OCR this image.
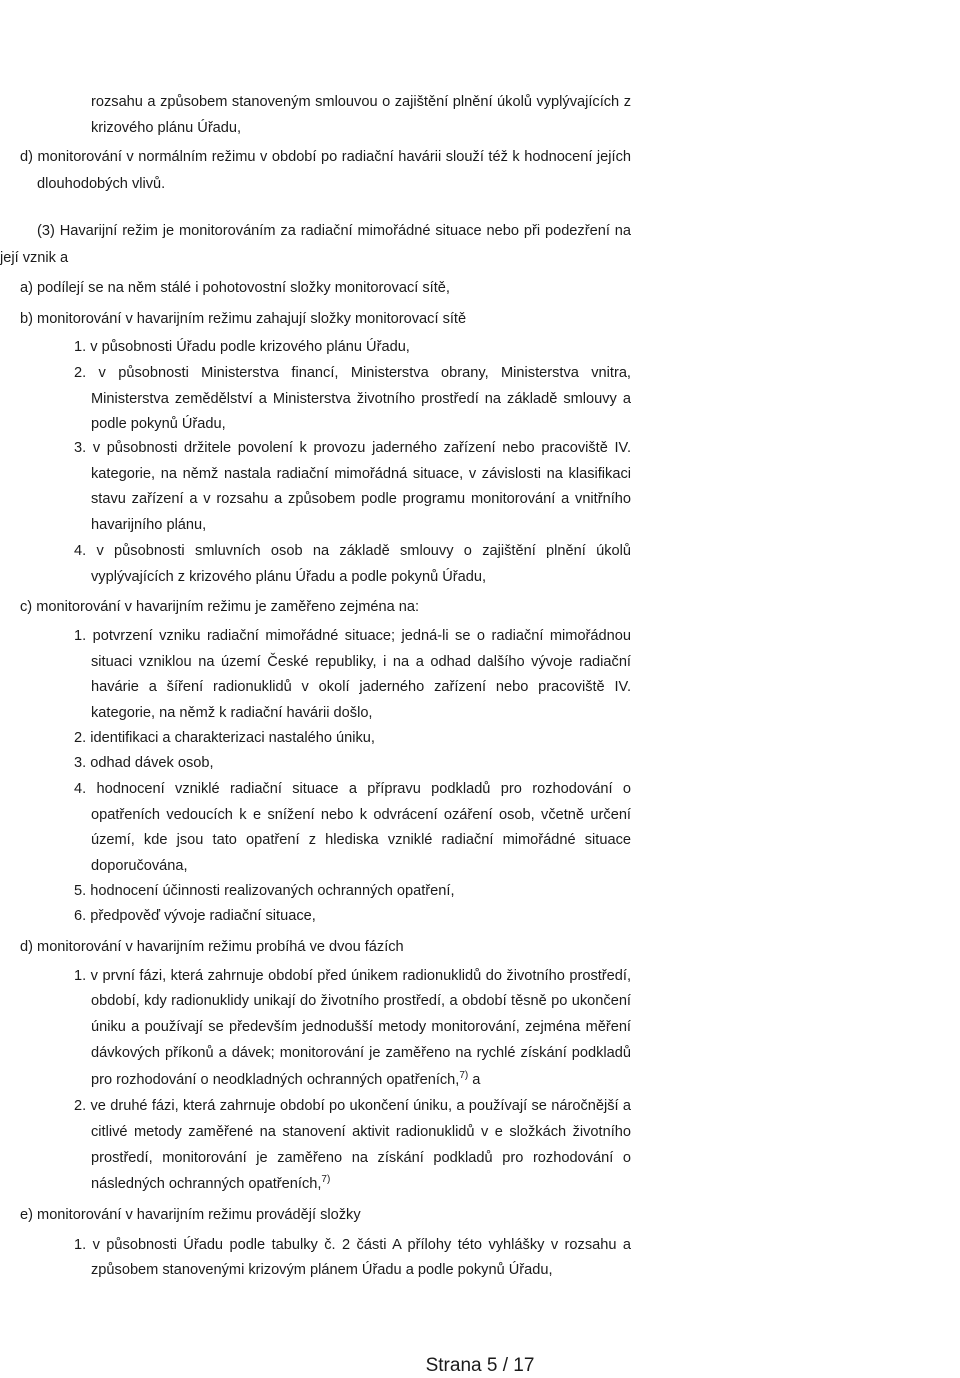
rozsahu a způsobem stanoveným smlouvou o zajištění plnění úkolů vyplývajících z
krizového plánu Úřadu,
d) monitorování v normálním režimu v období po radiační havárii slouží též k hodnocení jejích
dlouhodobých vlivů.
(3) Havarijní režim je monitorováním za radiační mimořádné situace nebo při podezření na
její vznik a
a) podílejí se na něm stálé i pohotovostní složky monitorovací sítě,
b) monitorování v havarijním režimu zahajují složky monitorovací sítě
1. v působnosti Úřadu podle krizového plánu Úřadu,
2. v působnosti Ministerstva financí, Ministerstva obrany, Ministerstva vnitra,
Ministerstva zemědělství a Ministerstva životního prostředí na základě smlouvy a
podle pokynů Úřadu,
3. v působnosti držitele povolení k provozu jaderného zařízení nebo pracoviště IV.
kategorie, na němž nastala radiační mimořádná situace, v závislosti na klasifikaci
stavu zařízení a v rozsahu a způsobem podle programu monitorování a vnitřního
havarijního plánu,
4. v působnosti smluvních osob na základě smlouvy o zajištění plnění úkolů
vyplývajících z krizového plánu Úřadu a podle pokynů Úřadu,
c) monitorování v havarijním režimu je zaměřeno zejména na:
1. potvrzení vzniku radiační mimořádné situace; jedná-li se o radiační mimořádnou
situaci vzniklou na území České republiky, i na a odhad dalšího vývoje radiační
havárie a šíření radionuklidů v okolí jaderného zařízení nebo pracoviště IV.
kategorie, na němž k radiační havárii došlo,
2. identifikaci a charakterizaci nastalého úniku,
3. odhad dávek osob,
4. hodnocení vzniklé radiační situace a přípravu podkladů pro rozhodování o
opatřeních vedoucích k e snížení nebo k odvrácení ozáření osob, včetně určení
území, kde jsou tato opatření z hlediska vzniklé radiační mimořádné situace
doporučována,
5. hodnocení účinnosti realizovaných ochranných opatření,
6. předpověď vývoje radiační situace,
d) monitorování v havarijním režimu probíhá ve dvou fázích
1. v první fázi, která zahrnuje období před únikem radionuklidů do životního prostředí,
období, kdy radionuklidy unikají do životního prostředí, a období těsně po ukončení
úniku a používají se především jednodušší metody monitorování, zejména měření
dávkových příkonů a dávek; monitorování je zaměřeno na rychlé získání podkladů
pro rozhodování o neodkladných ochranných opatřeních,$^{7)}$ a
2. ve druhé fázi, která zahrnuje období po ukončení úniku, a používají se náročnější a
citlivé metody zaměřené na stanovení aktivit radionuklidů v e složkách životního
prostředí, monitorování je zaměřeno na získání podkladů pro rozhodování o
následných ochranných opatřeních,$^{7)}$
e) monitorování v havarijním režimu provádějí složky
1. v působnosti Úřadu podle tabulky č. 2 části A přílohy této vyhlášky v rozsahu a
způsobem stanovenými krizovým plánem Úřadu a podle pokynů Úřadu,
Strana 5 / 17
